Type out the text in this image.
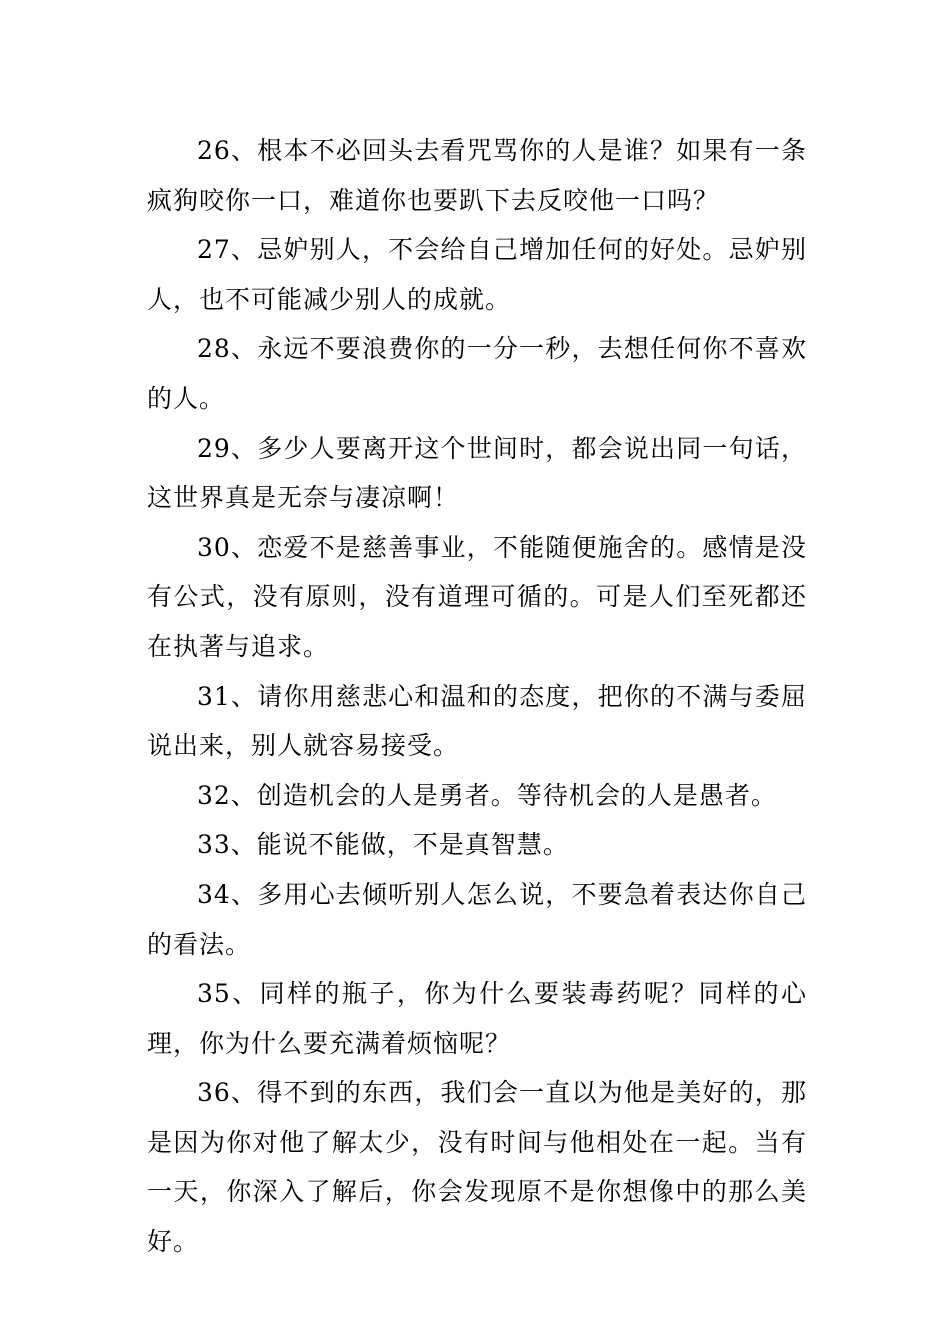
26、根本不必回头去看咒骂你的人是谁？如果有一条疯狗咬你一口，难道你也要趴下去反咬他一口吗？

27、忌妒别人，不会给自己增加任何的好处。忌妒别人，也不可能减少别人的成就。

28、永远不要浪费你的一分一秒，去想任何你不喜欢的人。

29、多少人要离开这个世间时，都会说出同一句话，这世界真是无奈与凄凉啊！

30、恋爱不是慈善事业，不能随便施舍的。感情是没有公式，没有原则，没有道理可循的。可是人们至死都还在执著与追求。

31、请你用慈悲心和温和的态度，把你的不满与委屈说出来，别人就容易接受。

32、创造机会的人是勇者。等待机会的人是愚者。

33、能说不能做，不是真智慧。

34、多用心去倾听别人怎么说，不要急着表达你自己的看法。

35、同样的瓶子，你为什么要装毒药呢？同样的心理，你为什么要充满着烦恼呢？

36、得不到的东西，我们会一直以为他是美好的，那是因为你对他了解太少，没有时间与他相处在一起。当有一天，你深入了解后，你会发现原不是你想像中的那么美好。
